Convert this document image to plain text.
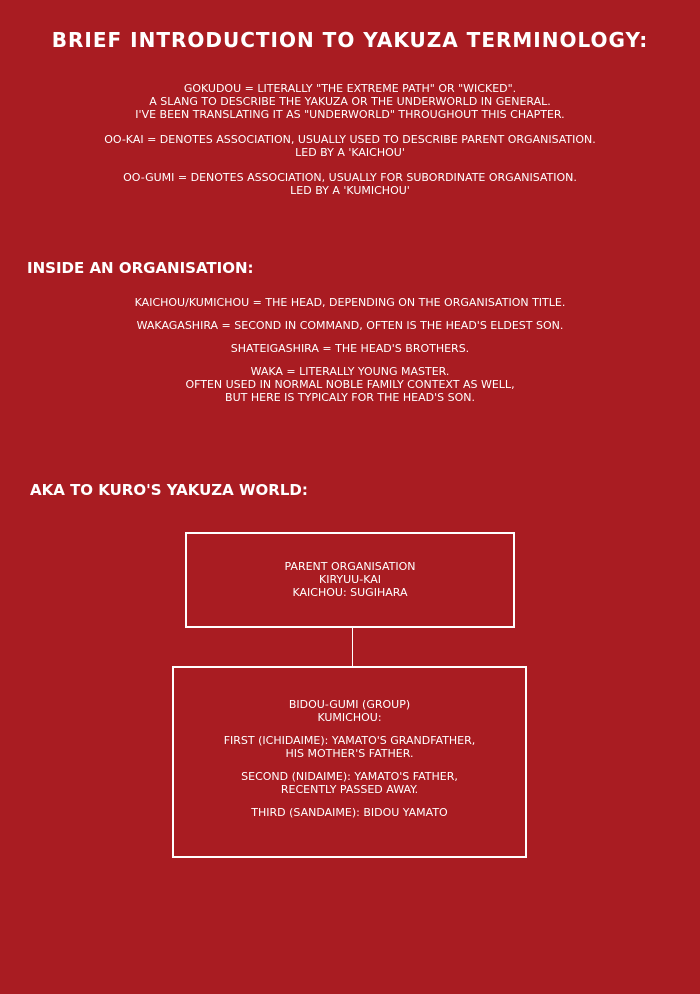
BRIEF INTRODUCTION TO YAKUZA TERMINOLOGY:

GOKUDOU = LITERALLY "THE EXTREME PATH" OR "WICKED".
A SLANG TO DESCRIBE THE YAKUZA OR THE UNDERWORLD IN GENERAL.
I'VE BEEN TRANSLATING IT AS "UNDERWORLD" THROUGHOUT THIS CHAPTER.

OO-KAI = DENOTES ASSOCIATION, USUALLY USED TO DESCRIBE PARENT ORGANISATION.
LED BY A 'KAICHOU'

OO-GUMI = DENOTES ASSOCIATION, USUALLY FOR SUBORDINATE ORGANISATION.
LED BY A 'KUMICHOU'

INSIDE AN ORGANISATION:

KAICHOU/KUMICHOU = THE HEAD, DEPENDING ON THE ORGANISATION TITLE.

WAKAGASHIRA = SECOND IN COMMAND, OFTEN IS THE HEAD'S ELDEST SON.

SHATEIGASHIRA = THE HEAD'S BROTHERS.

WAKA = LITERALLY YOUNG MASTER.
OFTEN USED IN NORMAL NOBLE FAMILY CONTEXT AS WELL,
BUT HERE IS TYPICALY FOR THE HEAD'S SON.

AKA TO KURO'S YAKUZA WORLD:
PARENT ORGANISATION
KIRYUU-KAI
KAICHOU: SUGIHARA

BIDOU-GUMI (GROUP)
KUMICHOU:

FIRST (ICHIDAIME): YAMATO'S GRANDFATHER,
HIS MOTHER'S FATHER.

SECOND (NIDAIME): YAMATO'S FATHER,
RECENTLY PASSED AWAY.

THIRD (SANDAIME): BIDOU YAMATO
